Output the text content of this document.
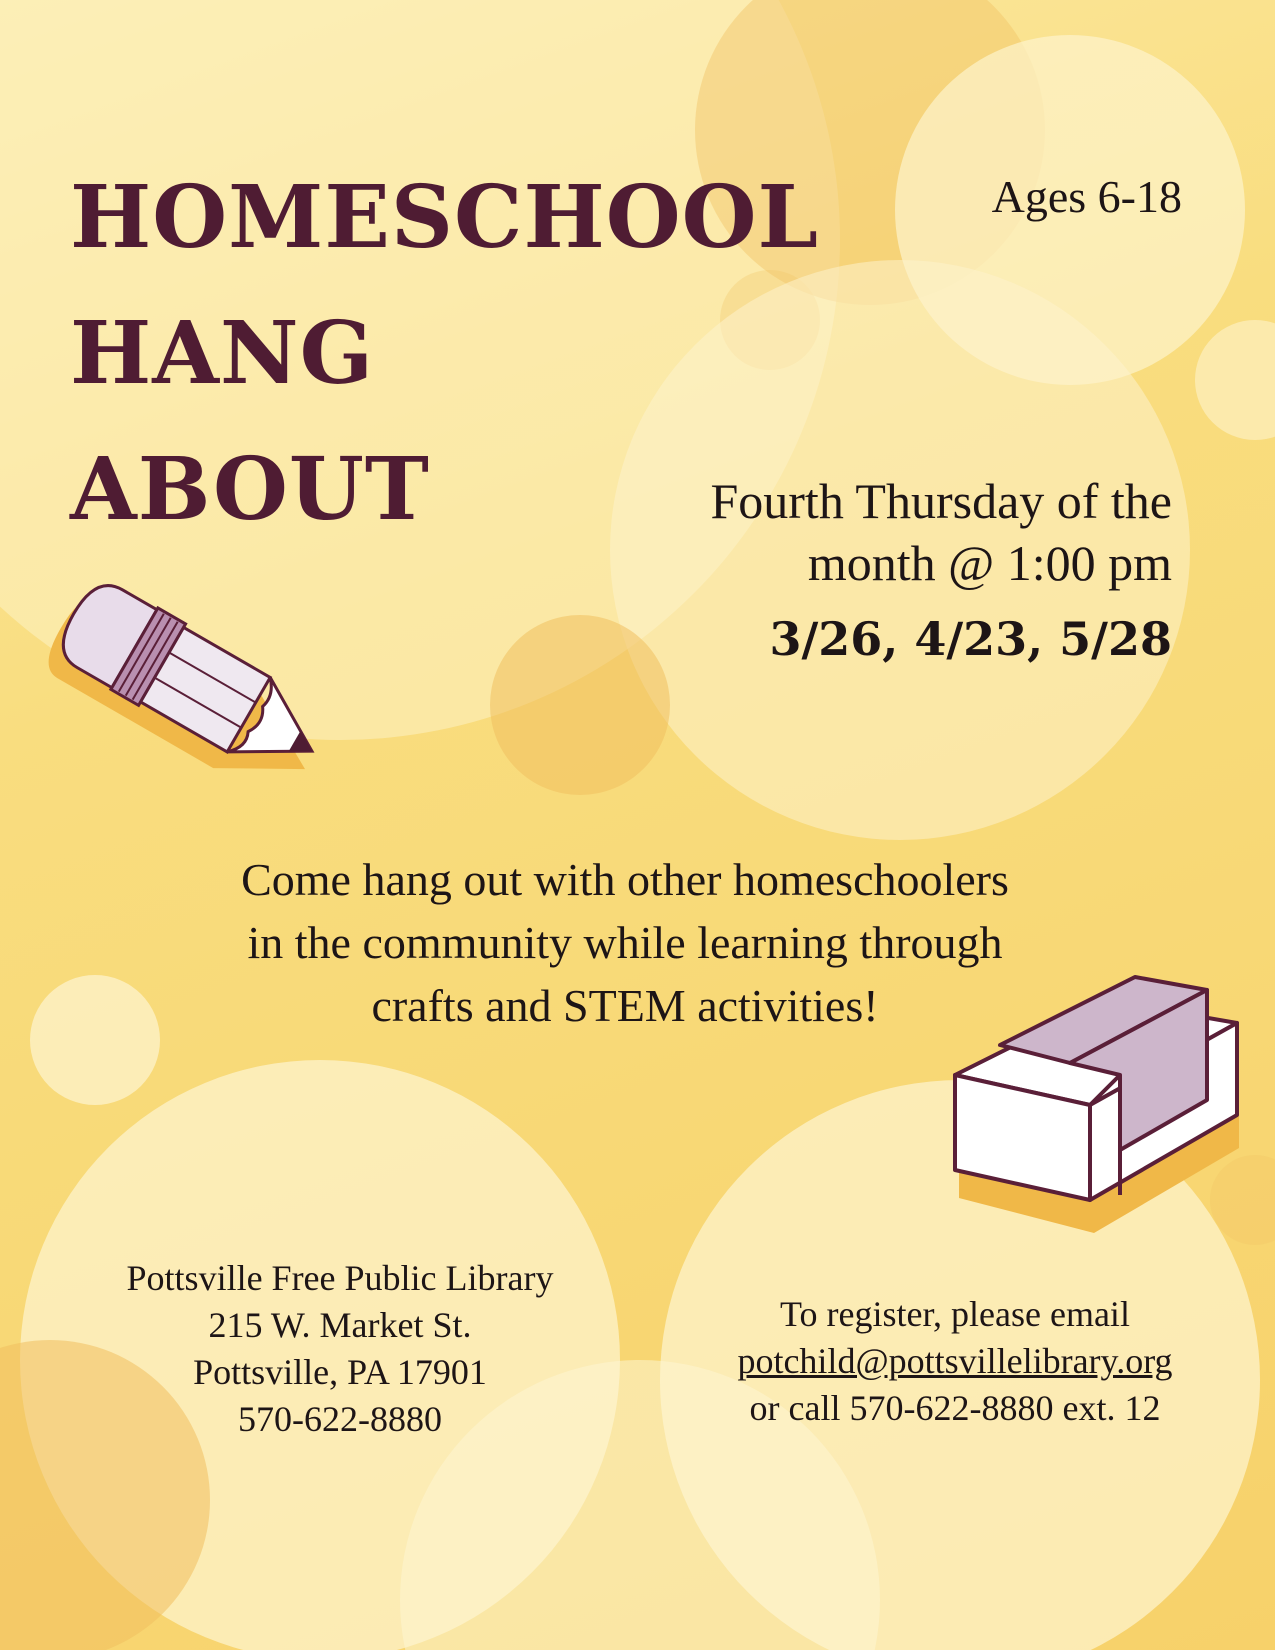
HOMESCHOOL
HANG
ABOUT
Ages 6-18
Fourth Thursday of the
month @ 1:00 pm
3/26, 4/23, 5/28
Come hang out with other homeschoolers
in the community while learning through
crafts and STEM activities!
Pottsville Free Public Library
215 W. Market St.
Pottsville, PA 17901
570-622-8880
To register, please email
potchild@pottsvillelibrary.org
or call 570-622-8880 ext. 12
